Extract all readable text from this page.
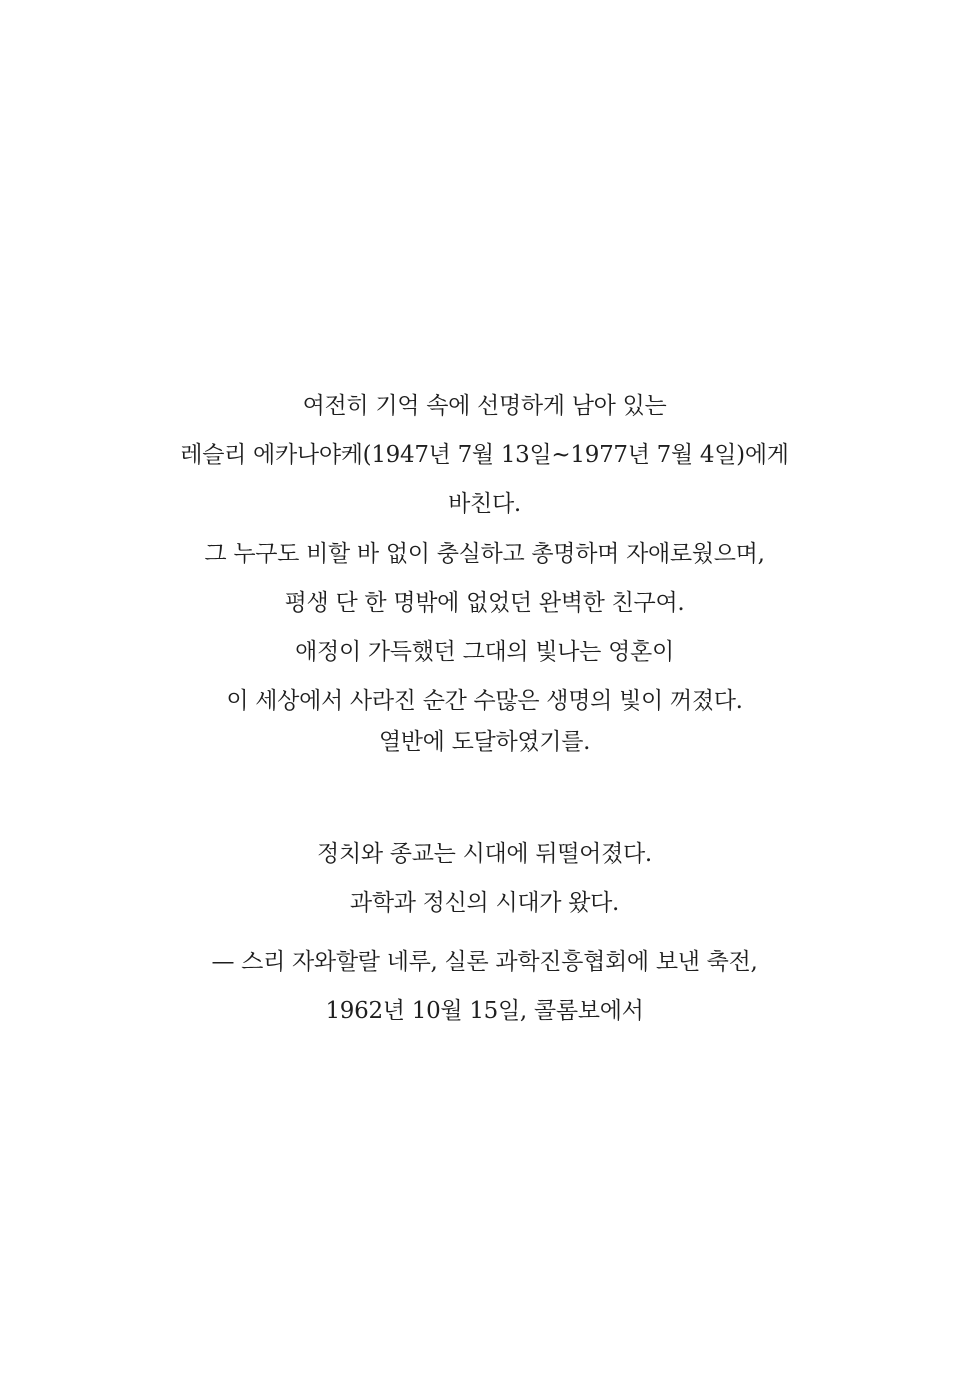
여전히 기억 속에 선명하게 남아 있는
레슬리 에카나야케(1947년 7월 13일~1977년 7월 4일)에게
바친다.
그 누구도 비할 바 없이 충실하고 총명하며 자애로웠으며,
평생 단 한 명밖에 없었던 완벽한 친구여.
애정이 가득했던 그대의 빛나는 영혼이
이 세상에서 사라진 순간 수많은 생명의 빛이 꺼졌다.
열반에 도달하였기를.
정치와 종교는 시대에 뒤떨어졌다.
과학과 정신의 시대가 왔다.
— 스리 자와할랄 네루, 실론 과학진흥협회에 보낸 축전,
1962년 10월 15일, 콜롬보에서
